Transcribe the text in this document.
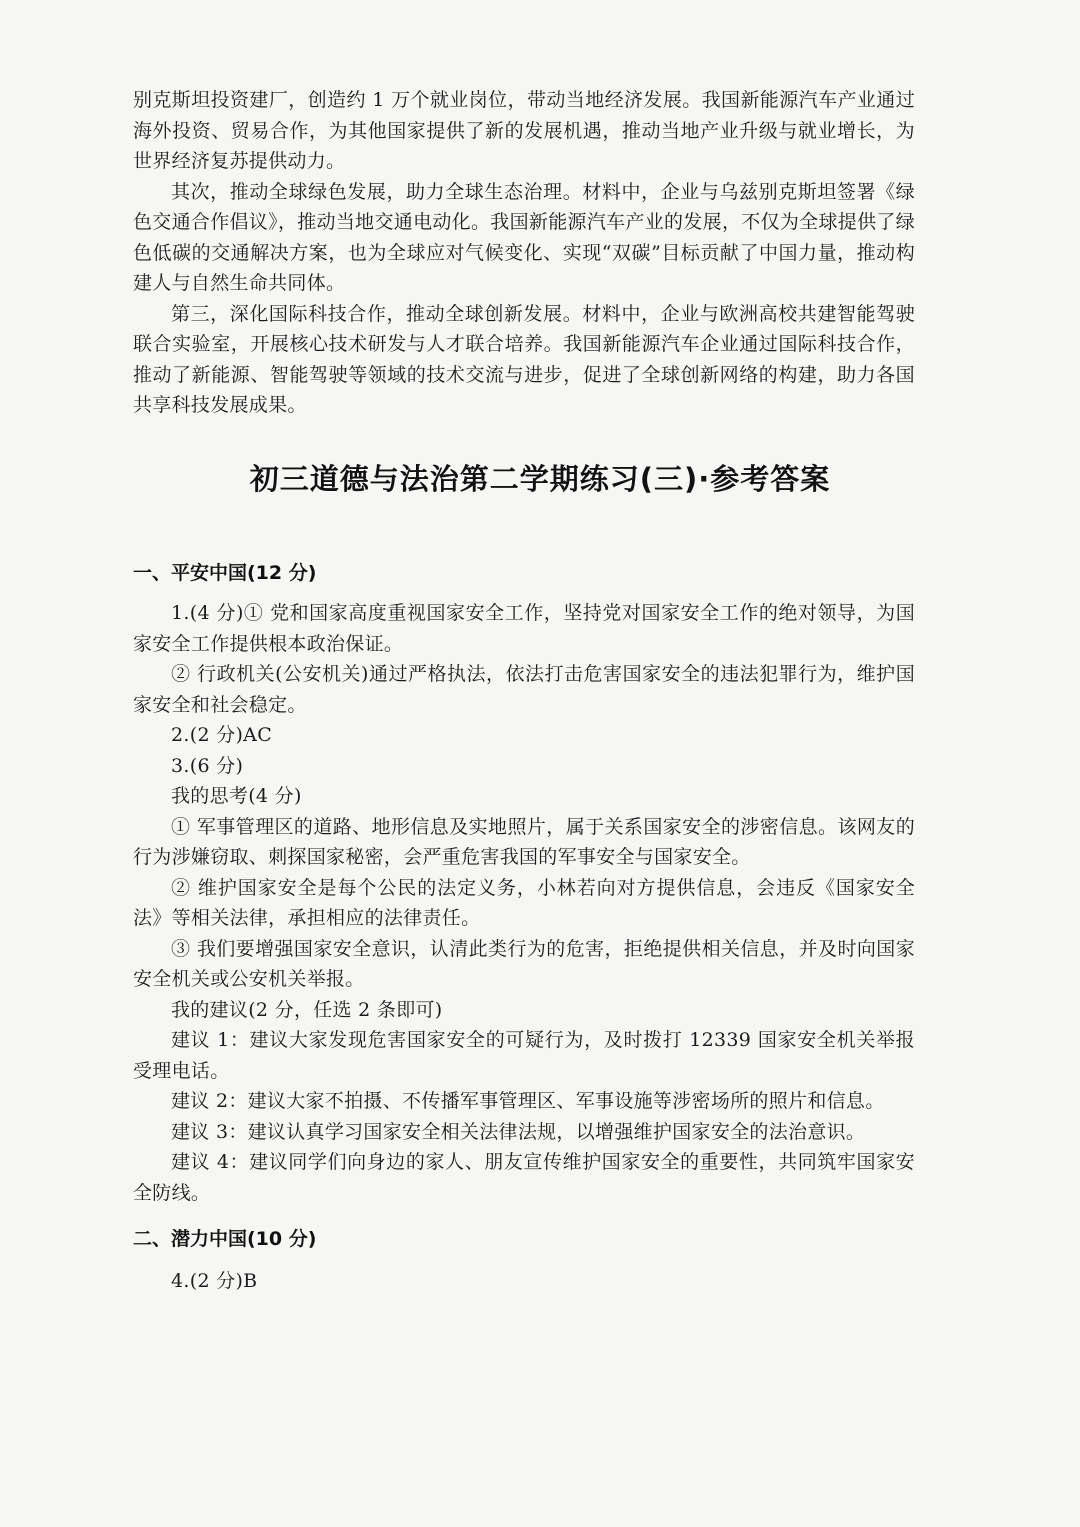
别克斯坦投资建厂，创造约 1 万个就业岗位，带动当地经济发展。我国新能源汽车产业通过海外投资、贸易合作，为其他国家提供了新的发展机遇，推动当地产业升级与就业增长，为世界经济复苏提供动力。

其次，推动全球绿色发展，助力全球生态治理。材料中，企业与乌兹别克斯坦签署《绿色交通合作倡议》，推动当地交通电动化。我国新能源汽车产业的发展，不仅为全球提供了绿色低碳的交通解决方案，也为全球应对气候变化、实现“双碳”目标贡献了中国力量，推动构建人与自然生命共同体。

第三，深化国际科技合作，推动全球创新发展。材料中，企业与欧洲高校共建智能驾驶联合实验室，开展核心技术研发与人才联合培养。我国新能源汽车企业通过国际科技合作，推动了新能源、智能驾驶等领域的技术交流与进步，促进了全球创新网络的构建，助力各国共享科技发展成果。

初三道德与法治第二学期练习(三)·参考答案
一、平安中国(12 分)

1.(4 分)① 党和国家高度重视国家安全工作，坚持党对国家安全工作的绝对领导，为国家安全工作提供根本政治保证。

② 行政机关(公安机关)通过严格执法，依法打击危害国家安全的违法犯罪行为，维护国家安全和社会稳定。

2.(2 分)AC

3.(6 分)

我的思考(4 分)

① 军事管理区的道路、地形信息及实地照片，属于关系国家安全的涉密信息。该网友的行为涉嫌窃取、刺探国家秘密，会严重危害我国的军事安全与国家安全。

② 维护国家安全是每个公民的法定义务，小林若向对方提供信息，会违反《国家安全法》等相关法律，承担相应的法律责任。

③ 我们要增强国家安全意识，认清此类行为的危害，拒绝提供相关信息，并及时向国家安全机关或公安机关举报。

我的建议(2 分，任选 2 条即可)

建议 1：建议大家发现危害国家安全的可疑行为，及时拨打 12339 国家安全机关举报受理电话。

建议 2：建议大家不拍摄、不传播军事管理区、军事设施等涉密场所的照片和信息。

建议 3：建议认真学习国家安全相关法律法规，以增强维护国家安全的法治意识。

建议 4：建议同学们向身边的家人、朋友宣传维护国家安全的重要性，共同筑牢国家安全防线。

二、潜力中国(10 分)

4.(2 分)B
